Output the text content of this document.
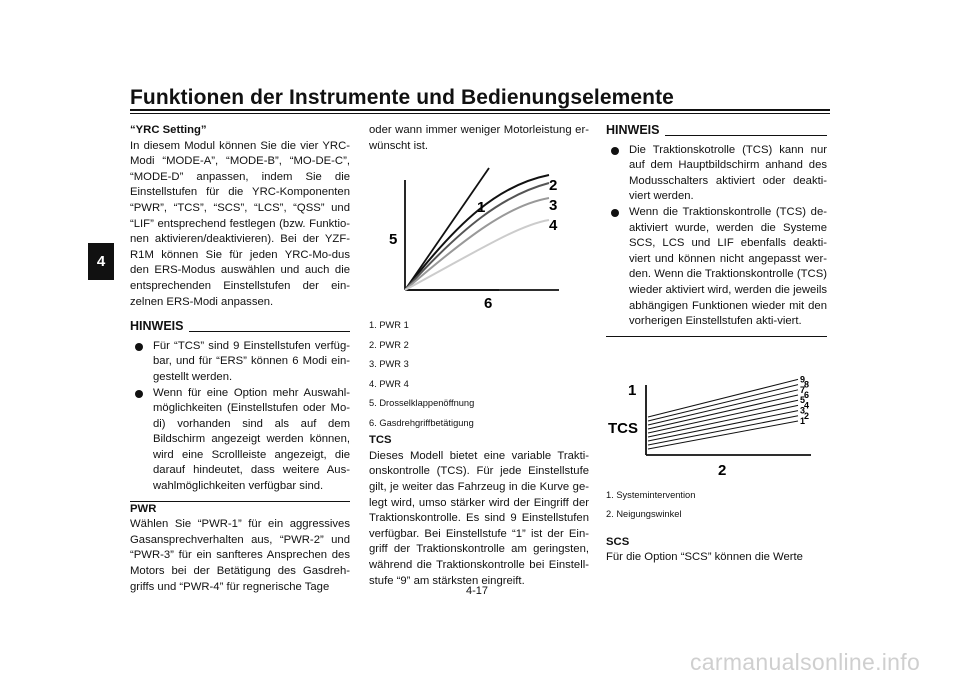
Funktionen der Instrumente und Bedienungselemente
4

“YRC Setting”

In diesem Modul können Sie die vier YRC-Modi “MODE-A”, “MODE-B”, “MO-DE-C”, “MODE-D” anpassen, indem Sie die Einstellstufen für die YRC-Komponenten “PWR”, “TCS”, “SCS”, “LCS”, “QSS” und “LIF” entsprechend festlegen (bzw. Funktio-nen aktivieren/deaktivieren). Bei der YZF-R1M können Sie für jeden YRC-Mo-dus den ERS-Modus auswählen und auch die entsprechenden Einstellstufen der ein-zelnen ERS-Modi anpassen.

HINWEIS
Für “TCS” sind 9 Einstellstufen verfüg-bar, und für “ERS” können 6 Modi ein-gestellt werden.
Wenn für eine Option mehr Auswahl-möglichkeiten (Einstellstufen oder Mo-di) vorhanden sind als auf dem Bildschirm angezeigt werden können, wird eine Scrollleiste angezeigt, die darauf hindeutet, dass weitere Aus-wahlmöglichkeiten verfügbar sind.

PWR

Wählen Sie “PWR-1” für ein aggressives Gasansprechverhalten aus, “PWR-2” und “PWR-3” für ein sanfteres Ansprechen des Motors bei der Betätigung des Gasdreh-griffs und “PWR-4” für regnerische Tage

oder wann immer weniger Motorleistung er-wünscht ist.

1
2
3
4
5
6
1. PWR 1
2. PWR 2
3. PWR 3
4. PWR 4
5. Drosselklappenöffnung
6. Gasdrehgriffbetätigung

TCS

Dieses Modell bietet eine variable Trakti-onskontrolle (TCS). Für jede Einstellstufe gilt, je weiter das Fahrzeug in die Kurve ge-legt wird, umso stärker wird der Eingriff der Traktionskontrolle. Es sind 9 Einstellstufen verfügbar. Bei Einstellstufe “1” ist der Ein-griff der Traktionskontrolle am geringsten, während die Traktionskontrolle bei Einstell-stufe “9” am stärksten eingreift.

HINWEIS
Die Traktionskotrolle (TCS) kann nur auf dem Hauptbildschirm anhand des Modusschalters aktiviert oder deakti-viert werden.
Wenn die Traktionskontrolle (TCS) de-aktiviert wurde, werden die Systeme SCS, LCS und LIF ebenfalls deakti-viert und können nicht angepasst wer-den. Wenn die Traktionskontrolle (TCS) wieder aktiviert wird, werden die jeweils abhängigen Funktionen wieder mit den vorherigen Einstellstufen akti-viert.
9
8
7
6
5
4
3
2
1
1
TCS
2
1. Systemintervention
2. Neigungswinkel

SCS

Für die Option “SCS” können die Werte

4-17
carmanualsonline.info
